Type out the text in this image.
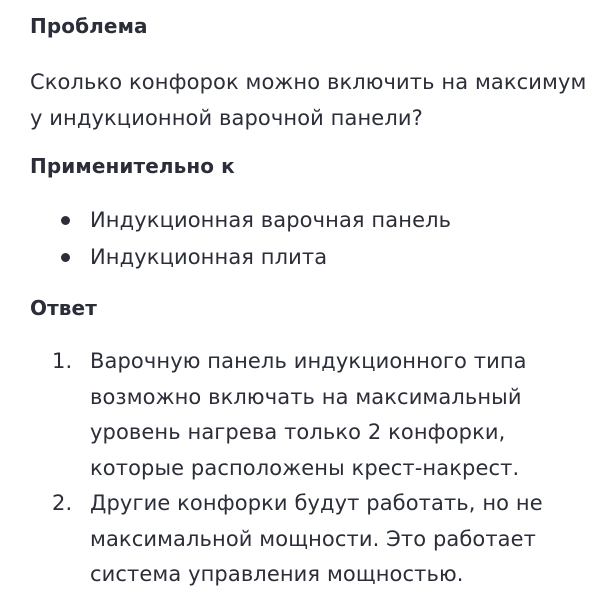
Проблема

Сколько конфорок можно включить на максимум у индукционной варочной панели?

Применительно к
Индукционная варочная панель
Индукционная плита
Ответ
1. Варочную панель индукционного типа возможно включать на максимальный уровень нагрева только 2 конфорки, которые расположены крест-накрест.
2. Другие конфорки будут работать, но не максимальной мощности. Это работает система управления мощностью.
